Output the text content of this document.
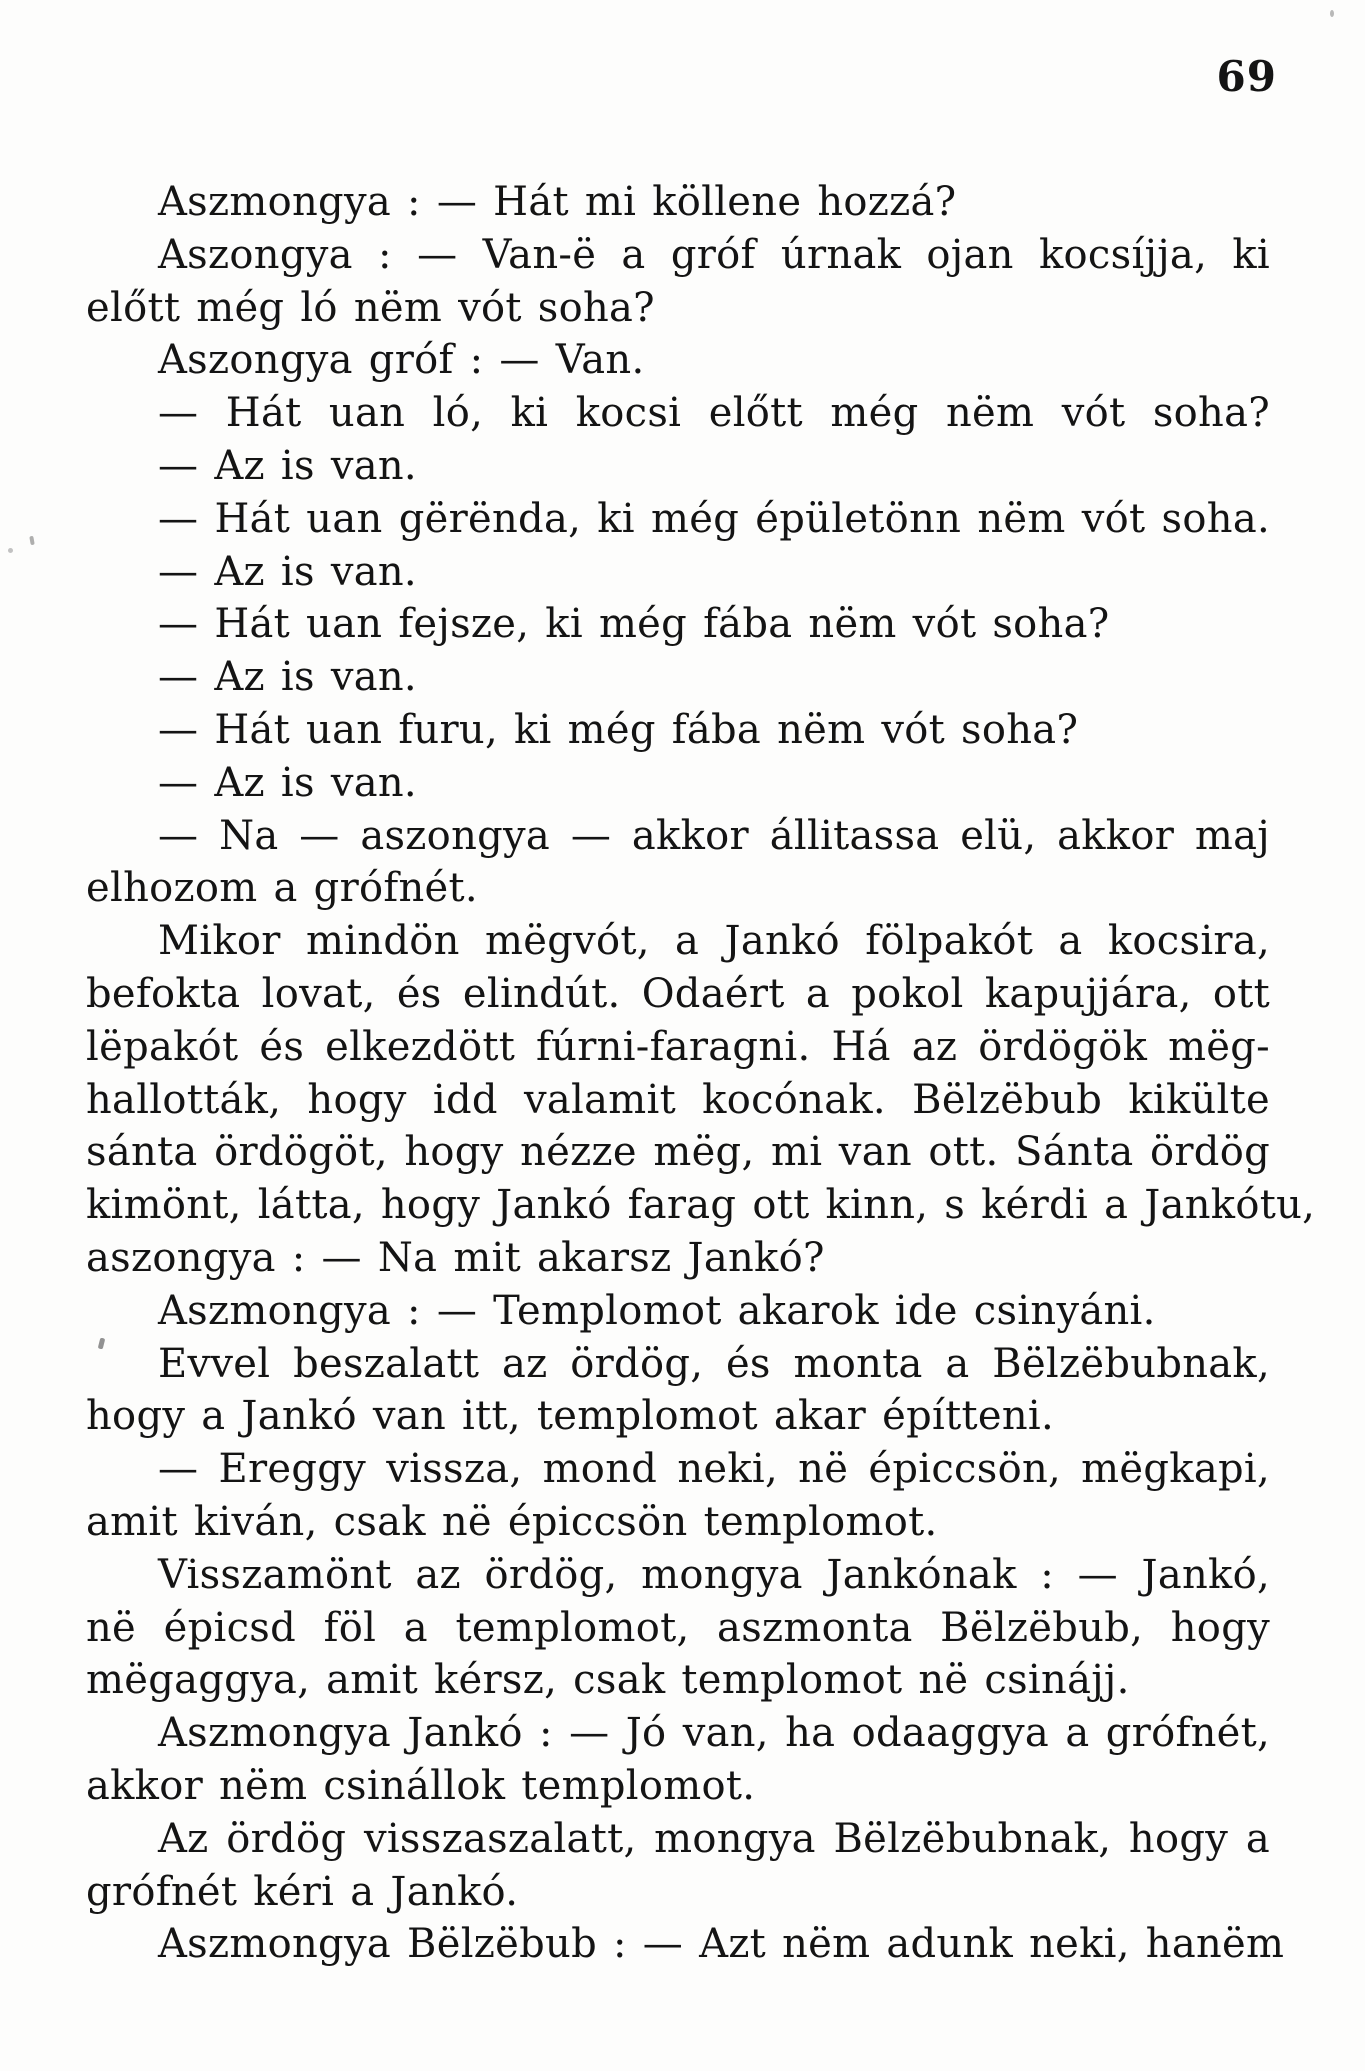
69
Aszmongya : — Hát mi köllene hozzá?
Aszongya : — Van-ë a gróf úrnak ojan kocsíjja, ki
előtt még ló nëm vót soha?
Aszongya gróf : — Van.
— Hát uan ló, ki kocsi előtt még nëm vót soha?
— Az is van.
— Hát uan gërënda, ki még épületönn nëm vót soha.
— Az is van.
— Hát uan fejsze, ki még fába nëm vót soha?
— Az is van.
— Hát uan furu, ki még fába nëm vót soha?
— Az is van.
— Na — aszongya — akkor állitassa elü, akkor maj
elhozom a grófnét.
Mikor mindön mëgvót, a Jankó fölpakót a kocsira,
befokta lovat, és elindút. Odaért a pokol kapujjára, ott
lëpakót és elkezdött fúrni-faragni. Há az ördögök mëg-
hallották, hogy idd valamit kocónak. Bëlzëbub kikülte
sánta ördögöt, hogy nézze mëg, mi van ott. Sánta ördög
kimönt, látta, hogy Jankó farag ott kinn, s kérdi a Jankótu,
aszongya : — Na mit akarsz Jankó?
Aszmongya : — Templomot akarok ide csinyáni.
Evvel beszalatt az ördög, és monta a Bëlzëbubnak,
hogy a Jankó van itt, templomot akar építteni.
— Ereggy vissza, mond neki, në épiccsön, mëgkapi,
amit kiván, csak në épiccsön templomot.
Visszamönt az ördög, mongya Jankónak : — Jankó,
në épicsd föl a templomot, aszmonta Bëlzëbub, hogy
mëgaggya, amit kérsz, csak templomot në csinájj.
Aszmongya Jankó : — Jó van, ha odaaggya a grófnét,
akkor nëm csinállok templomot.
Az ördög visszaszalatt, mongya Bëlzëbubnak, hogy a
grófnét kéri a Jankó.
Aszmongya Bëlzëbub : — Azt nëm adunk neki, hanëm
